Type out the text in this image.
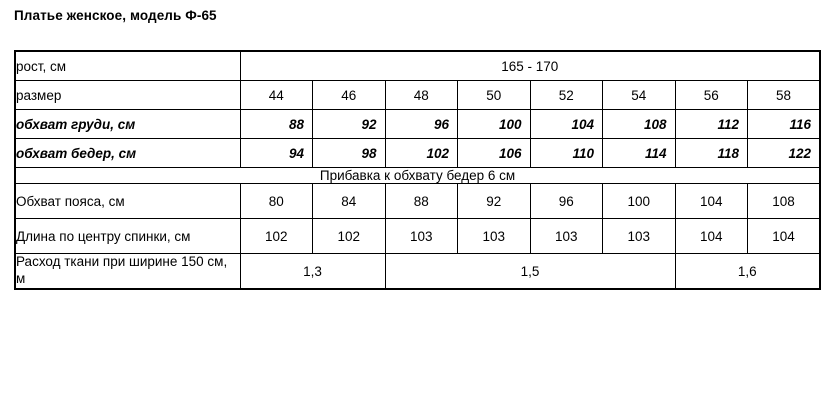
Платье женское, модель Ф-65
рост, см	165 - 170							
размер	44	46	48	50	52	54	56	58
обхват груди, см	88	92	96	100	104	108	112	116
обхват бедер, см	94	98	102	106	110	114	118	122
Прибавка к обхвату бедер 6 см								
Обхват пояса, см	80	84	88	92	96	100	104	108
Длина по центру спинки, см	102	102	103	103	103	103	104	104
Расход ткани при ширине 150 см, м	1,3		1,5				1,6	
